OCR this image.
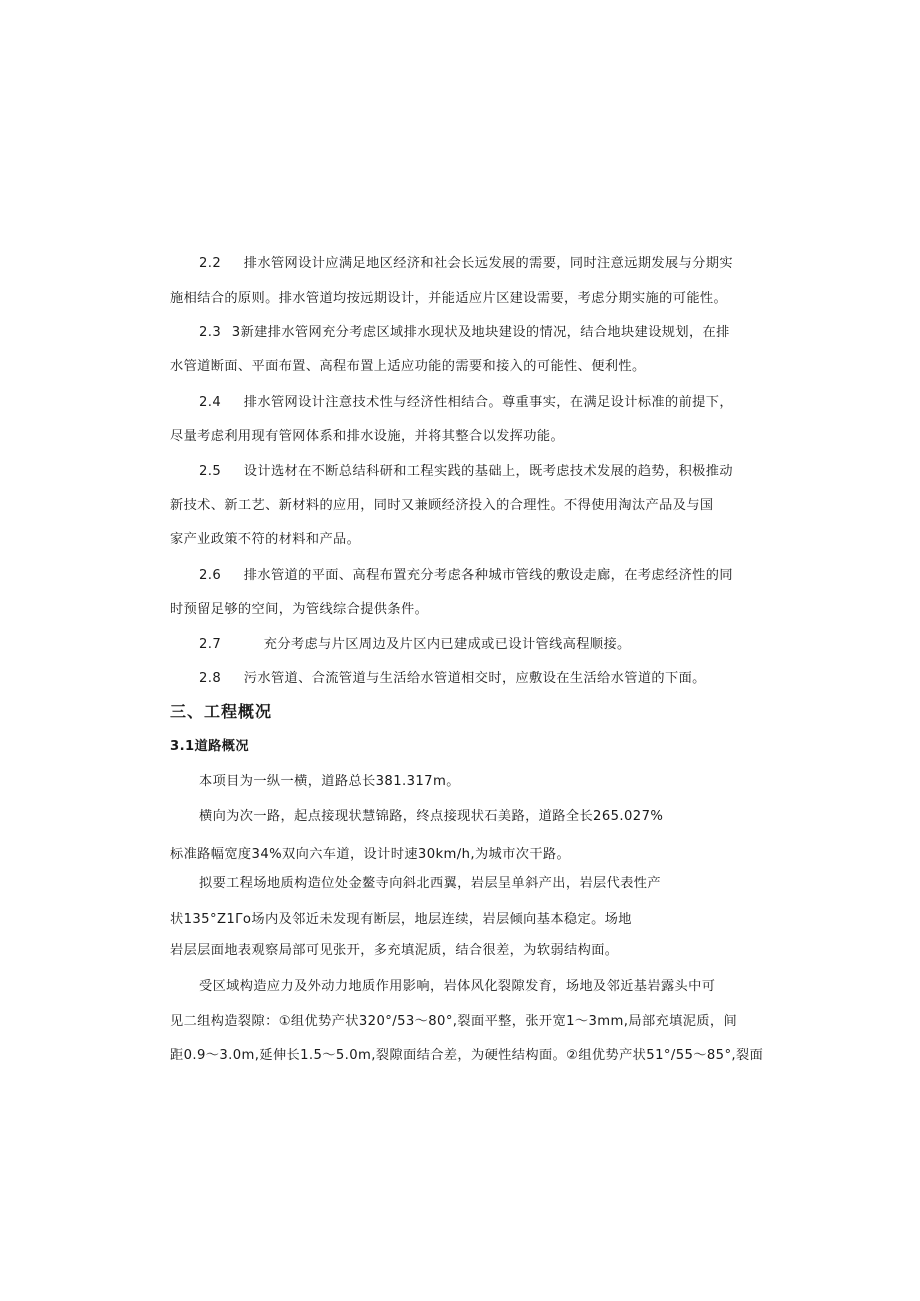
2.2 排水管网设计应满足地区经济和社会长远发展的需要，同时注意远期发展与分期实
施相结合的原则。排水管道均按远期设计，并能适应片区建设需要，考虑分期实施的可能性。
2.3 3新建排水管网充分考虑区域排水现状及地块建设的情况，结合地块建设规划，在排
水管道断面、平面布置、高程布置上适应功能的需要和接入的可能性、便利性。
2.4 排水管网设计注意技术性与经济性相结合。尊重事实，在满足设计标准的前提下，
尽量考虑利用现有管网体系和排水设施，并将其整合以发挥功能。
2.5 设计选材在不断总结科研和工程实践的基础上，既考虑技术发展的趋势，积极推动
新技术、新工艺、新材料的应用，同时又兼顾经济投入的合理性。不得使用淘汰产品及与国
家产业政策不符的材料和产品。
2.6 排水管道的平面、高程布置充分考虑各种城市管线的敷设走廊，在考虑经济性的同
时预留足够的空间，为管线综合提供条件。
2.7	充分考虑与片区周边及片区内已建成或已设计管线高程顺接。
2.8 污水管道、合流管道与生活给水管道相交时，应敷设在生活给水管道的下面。
三、工程概况
3.1道路概况
本项目为一纵一横，道路总长381.317m。
横向为次一路，起点接现状慧锦路，终点接现状石美路，道路全长265.027%
标准路幅宽度34%双向六车道，设计时速30km∕h,为城市次干路。
拟要工程场地质构造位处金鳌寺向斜北西翼，岩层呈单斜产出，岩层代表性产
状135°Z1Γo场内及邻近未发现有断层，地层连续，岩层倾向基本稳定。场地
岩层层面地表观察局部可见张开，多充填泥质，结合很差，为软弱结构面。
受区域构造应力及外动力地质作用影响，岩体风化裂隙发育，场地及邻近基岩露头中可
见二组构造裂隙：①组优势产状320°/53～80°,裂面平整，张开宽1～3mm,局部充填泥质，间
距0.9～3.0m,延伸长1.5～5.0m,裂隙面结合差，为硬性结构面。②组优势产状51°/55～85°,裂面
